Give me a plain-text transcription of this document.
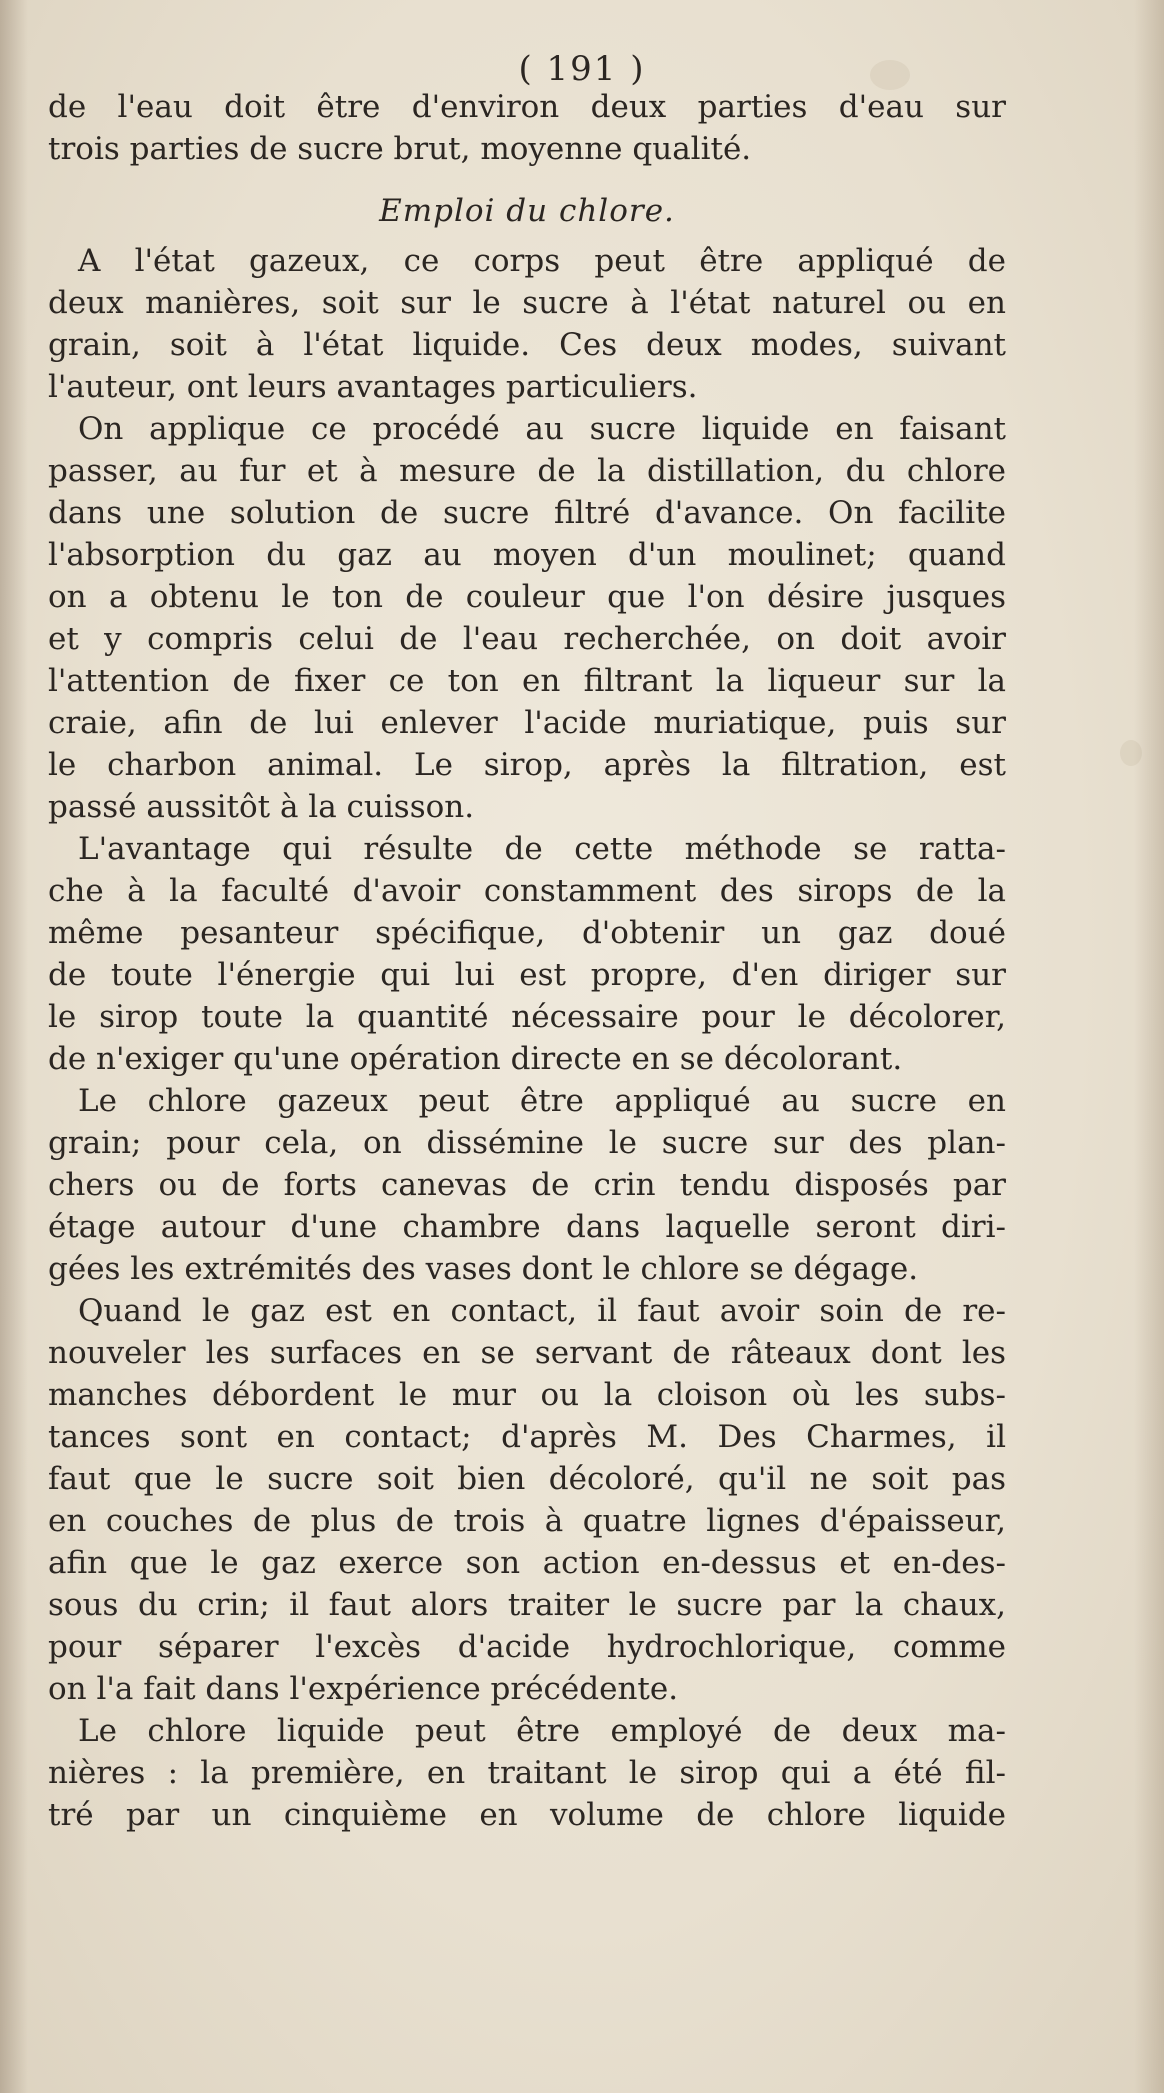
( 191 )
de l'eau doit être d'environ deux parties d'eau sur
trois parties de sucre brut, moyenne qualité.
Emploi du chlore.
A l'état gazeux, ce corps peut être appliqué de
deux manières, soit sur le sucre à l'état naturel ou en
grain, soit à l'état liquide. Ces deux modes, suivant
l'auteur, ont leurs avantages particuliers.
On applique ce procédé au sucre liquide en faisant
passer, au fur et à mesure de la distillation, du chlore
dans une solution de sucre filtré d'avance. On facilite
l'absorption du gaz au moyen d'un moulinet; quand
on a obtenu le ton de couleur que l'on désire jusques
et y compris celui de l'eau recherchée, on doit avoir
l'attention de fixer ce ton en filtrant la liqueur sur la
craie, afin de lui enlever l'acide muriatique, puis sur
le charbon animal. Le sirop, après la filtration, est
passé aussitôt à la cuisson.
L'avantage qui résulte de cette méthode se ratta-
che à la faculté d'avoir constamment des sirops de la
même pesanteur spécifique, d'obtenir un gaz doué
de toute l'énergie qui lui est propre, d'en diriger sur
le sirop toute la quantité nécessaire pour le décolorer,
de n'exiger qu'une opération directe en se décolorant.
Le chlore gazeux peut être appliqué au sucre en
grain; pour cela, on dissémine le sucre sur des plan-
chers ou de forts canevas de crin tendu disposés par
étage autour d'une chambre dans laquelle seront diri-
gées les extrémités des vases dont le chlore se dégage.
Quand le gaz est en contact, il faut avoir soin de re-
nouveler les surfaces en se servant de râteaux dont les
manches débordent le mur ou la cloison où les subs-
tances sont en contact; d'après M. Des Charmes, il
faut que le sucre soit bien décoloré, qu'il ne soit pas
en couches de plus de trois à quatre lignes d'épaisseur,
afin que le gaz exerce son action en-dessus et en-des-
sous du crin; il faut alors traiter le sucre par la chaux,
pour séparer l'excès d'acide hydrochlorique, comme
on l'a fait dans l'expérience précédente.
Le chlore liquide peut être employé de deux ma-
nières : la première, en traitant le sirop qui a été fil-
tré par un cinquième en volume de chlore liquide
